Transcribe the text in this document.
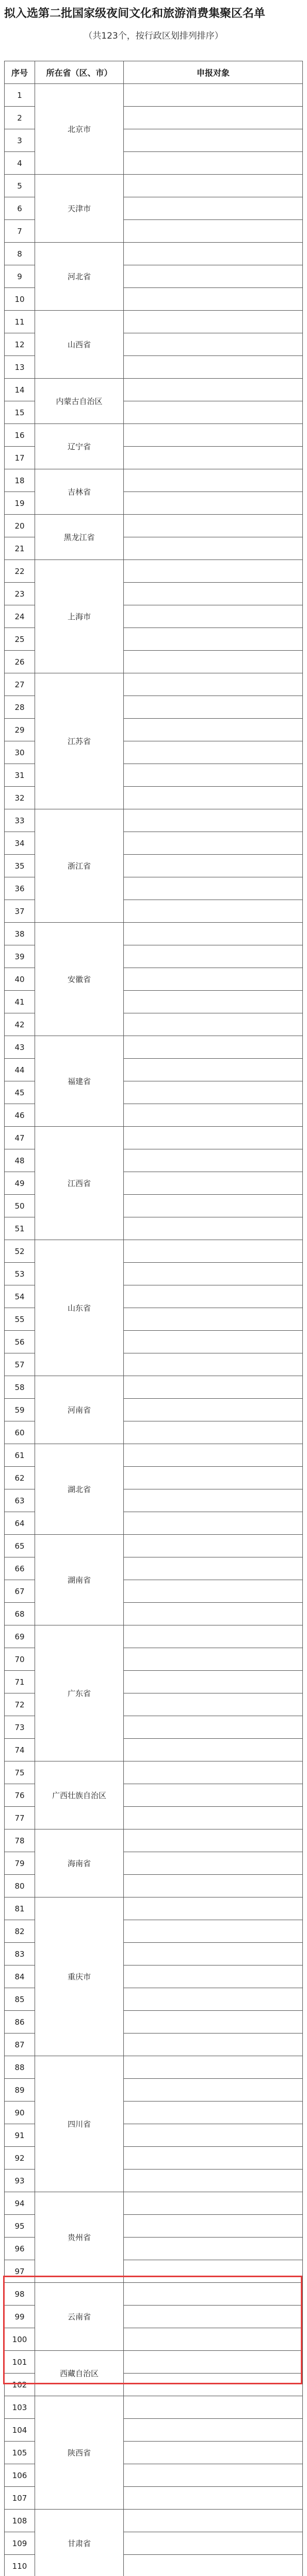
拟入选第二批国家级夜间文化和旅游消费集聚区名单
（共123个，按行政区划排列排序）
序号	所在省（区、市）	申报对象
1	北京市	
2		
3		
4		
5	天津市	
6		
7		
8	河北省	
9		
10		
11	山西省	
12		
13		
14	内蒙古自治区	
15		
16	辽宁省	
17		
18	吉林省	
19		
20	黑龙江省	
21		
22	上海市	
23		
24		
25		
26		
27	江苏省	
28		
29		
30		
31		
32		
33	浙江省	
34		
35		
36		
37		
38	安徽省	
39		
40		
41		
42		
43	福建省	
44		
45		
46		
47	江西省	
48		
49		
50		
51		
52	山东省	
53		
54		
55		
56		
57		
58	河南省	
59		
60		
61	湖北省	
62		
63		
64		
65	湖南省	
66		
67		
68		
69	广东省	
70		
71		
72		
73		
74		
75	广西壮族自治区	
76		
77		
78	海南省	
79		
80		
81	重庆市	
82		
83		
84		
85		
86		
87		
88	四川省	
89		
90		
91		
92		
93		
94	贵州省	
95		
96		
97		
98	云南省	
99		
100		
101	西藏自治区	
102		
103	陕西省	
104		
105		
106		
107		
108	甘肃省	
109		
110		
